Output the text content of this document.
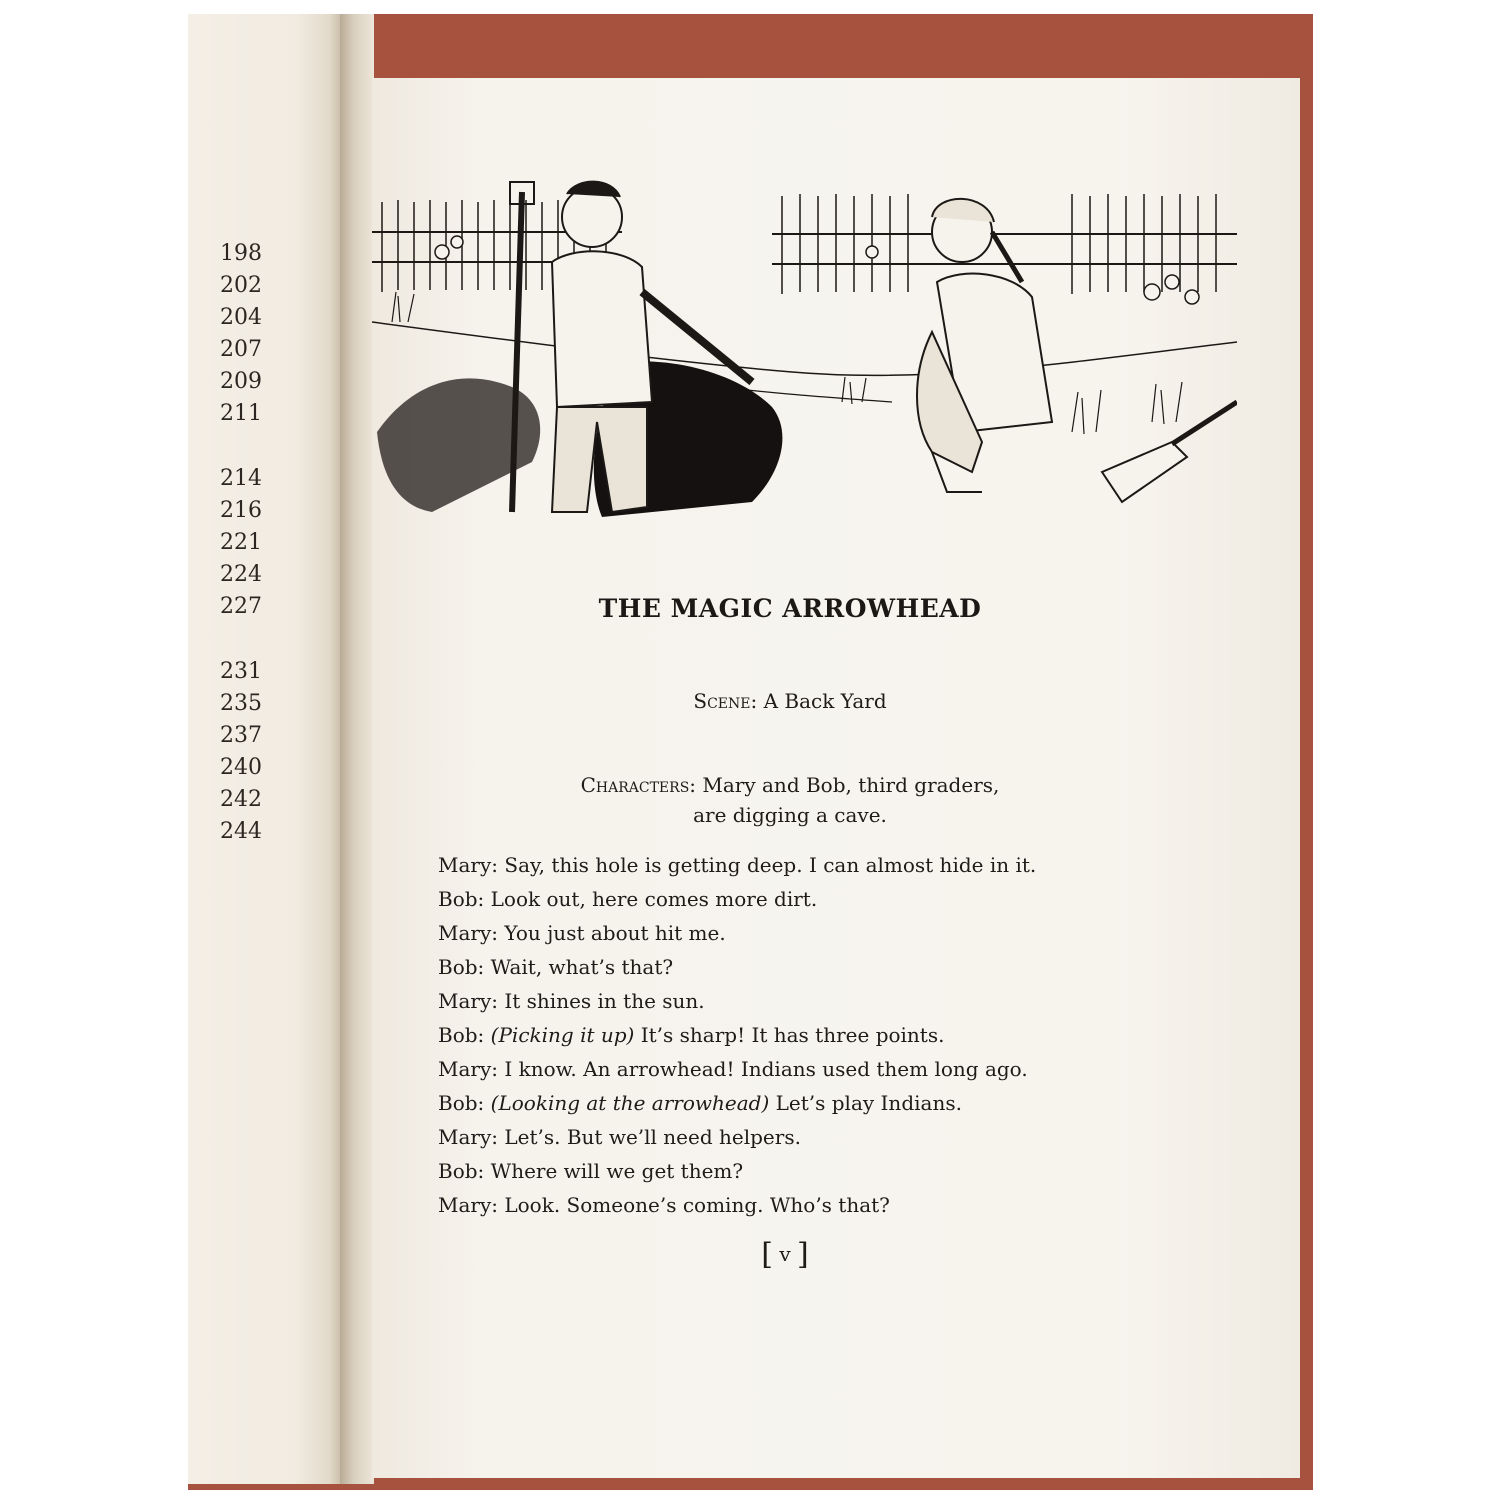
198
202
204
207
209
211
214
216
221
224
227
231
235
237
240
242
244
THE MAGIC ARROWHEAD
Scene: A Back Yard
Characters: Mary and Bob, third graders,
are digging a cave.
Mary: Say, this hole is getting deep. I can almost hide in it.
Bob: Look out, here comes more dirt.
Mary: You just about hit me.
Bob: Wait, what’s that?
Mary: It shines in the sun.
Bob: (Picking it up) It’s sharp! It has three points.
Mary: I know. An arrowhead! Indians used them long ago.
Bob: (Looking at the arrowhead) Let’s play Indians.
Mary: Let’s. But we’ll need helpers.
Bob: Where will we get them?
Mary: Look. Someone’s coming. Who’s that?
[ v ]
